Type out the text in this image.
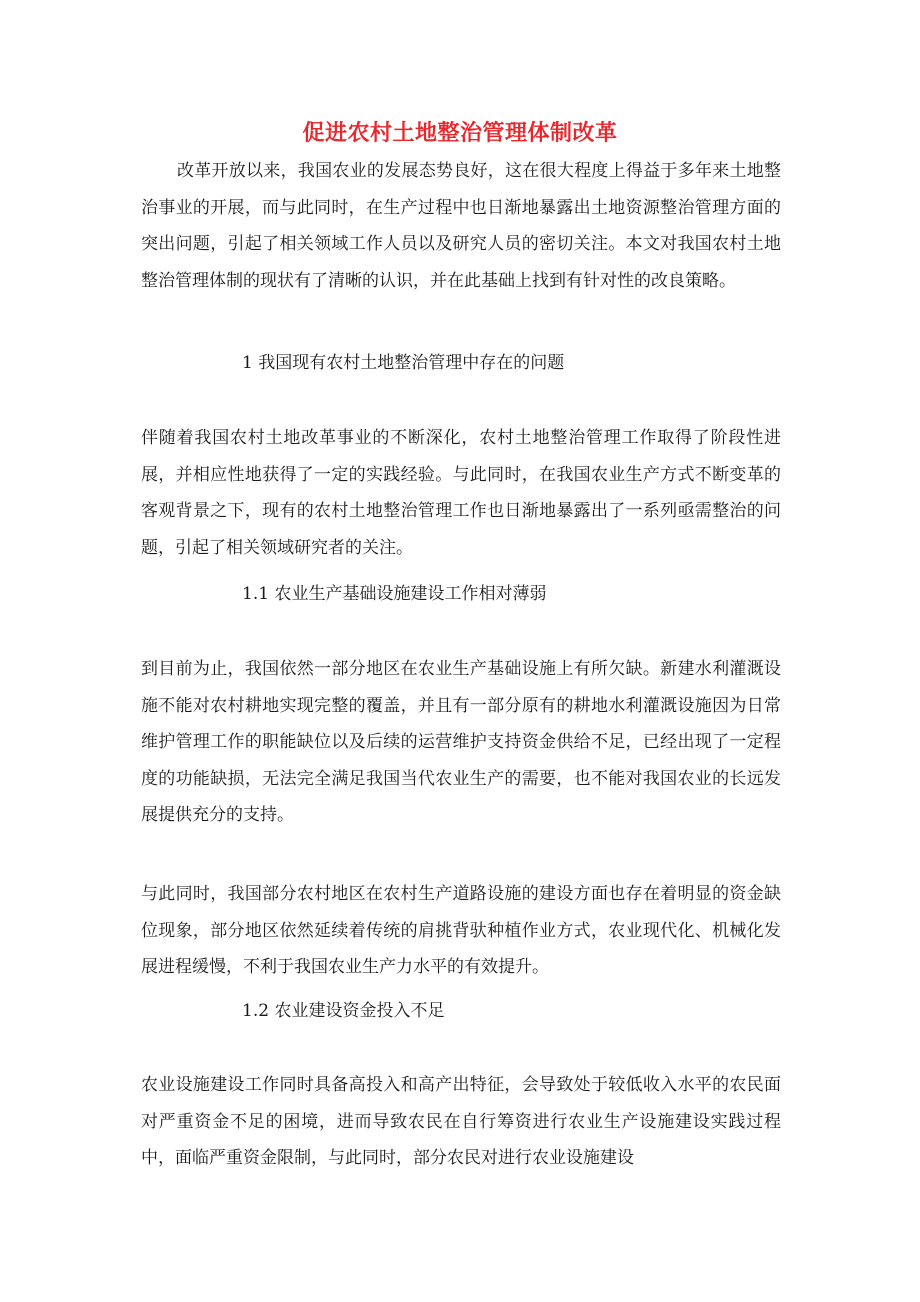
促进农村土地整治管理体制改革

改革开放以来，我国农业的发展态势良好，这在很大程度上得益于多年来土地整治事业的开展，而与此同时，在生产过程中也日渐地暴露出土地资源整治管理方面的突出问题，引起了相关领域工作人员以及研究人员的密切关注。本文对我国农村土地整治管理体制的现状有了清晰的认识，并在此基础上找到有针对性的改良策略。

1 我国现有农村土地整治管理中存在的问题

伴随着我国农村土地改革事业的不断深化，农村土地整治管理工作取得了阶段性进展，并相应性地获得了一定的实践经验。与此同时，在我国农业生产方式不断变革的客观背景之下，现有的农村土地整治管理工作也日渐地暴露出了一系列亟需整治的问题，引起了相关领域研究者的关注。

1.1 农业生产基础设施建设工作相对薄弱

到目前为止，我国依然一部分地区在农业生产基础设施上有所欠缺。新建水利灌溉设施不能对农村耕地实现完整的覆盖，并且有一部分原有的耕地水利灌溉设施因为日常维护管理工作的职能缺位以及后续的运营维护支持资金供给不足，已经出现了一定程度的功能缺损，无法完全满足我国当代农业生产的需要，也不能对我国农业的长远发展提供充分的支持。

与此同时，我国部分农村地区在农村生产道路设施的建设方面也存在着明显的资金缺位现象，部分地区依然延续着传统的肩挑背驮种植作业方式，农业现代化、机械化发展进程缓慢，不利于我国农业生产力水平的有效提升。

1.2 农业建设资金投入不足

农业设施建设工作同时具备高投入和高产出特征，会导致处于较低收入水平的农民面对严重资金不足的困境，进而导致农民在自行筹资进行农业生产设施建设实践过程中，面临严重资金限制，与此同时，部分农民对进行农业设施建设
